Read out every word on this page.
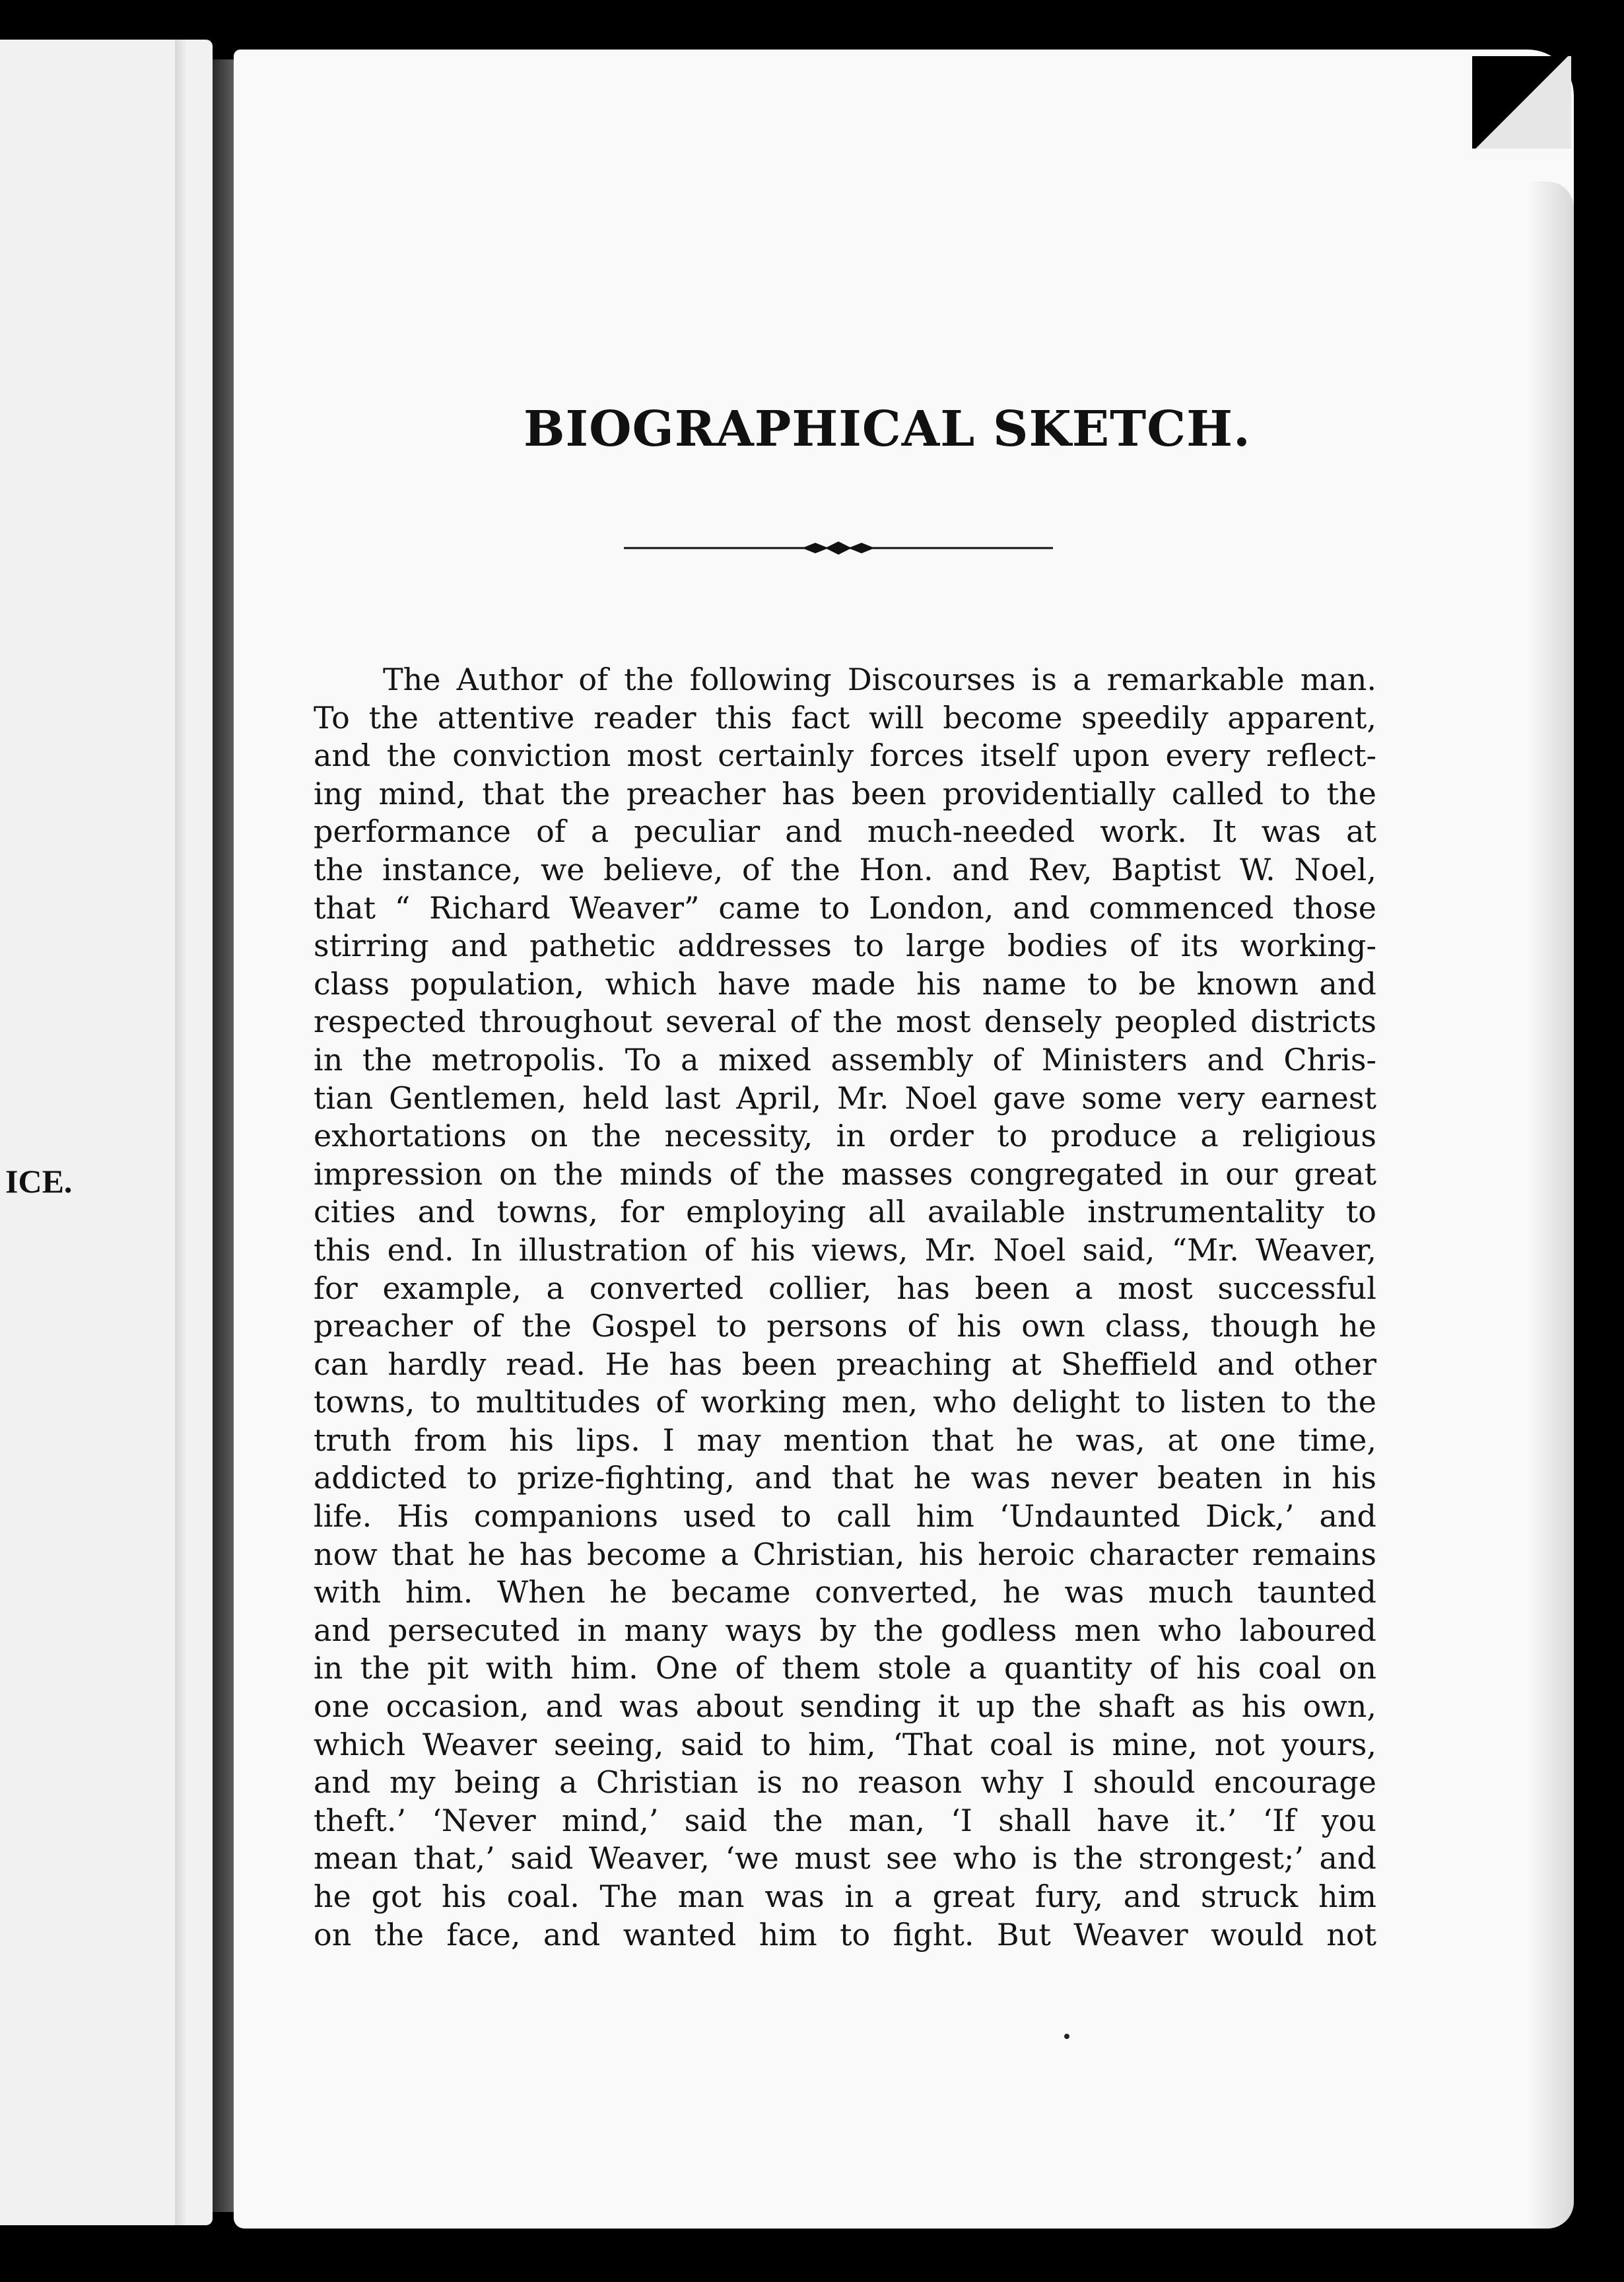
ICE.
BIOGRAPHICAL SKETCH.
The Author of the following Discourses is a remarkable man.
To the attentive reader this fact will become speedily apparent,
and the conviction most certainly forces itself upon every reflect-
ing mind, that the preacher has been providentially called to the
performance of a peculiar and much-needed work. It was at
the instance, we believe, of the Hon. and Rev, Baptist W. Noel,
that “ Richard Weaver” came to London, and commenced those
stirring and pathetic addresses to large bodies of its working-
class population, which have made his name to be known and
respected throughout several of the most densely peopled districts
in the metropolis. To a mixed assembly of Ministers and Chris-
tian Gentlemen, held last April, Mr. Noel gave some very earnest
exhortations on the necessity, in order to produce a religious
impression on the minds of the masses congregated in our great
cities and towns, for employing all available instrumentality to
this end. In illustration of his views, Mr. Noel said, “Mr. Weaver,
for example, a converted collier, has been a most successful
preacher of the Gospel to persons of his own class, though he
can hardly read. He has been preaching at Sheffield and other
towns, to multitudes of working men, who delight to listen to the
truth from his lips. I may mention that he was, at one time,
addicted to prize-fighting, and that he was never beaten in his
life. His companions used to call him ‘Undaunted Dick,’ and
now that he has become a Christian, his heroic character remains
with him. When he became converted, he was much taunted
and persecuted in many ways by the godless men who laboured
in the pit with him. One of them stole a quantity of his coal on
one occasion, and was about sending it up the shaft as his own,
which Weaver seeing, said to him, ‘That coal is mine, not yours,
and my being a Christian is no reason why I should encourage
theft.’ ‘Never mind,’ said the man, ‘I shall have it.’ ‘If you
mean that,’ said Weaver, ‘we must see who is the strongest;’ and
he got his coal. The man was in a great fury, and struck him
on the face, and wanted him to fight. But Weaver would not
